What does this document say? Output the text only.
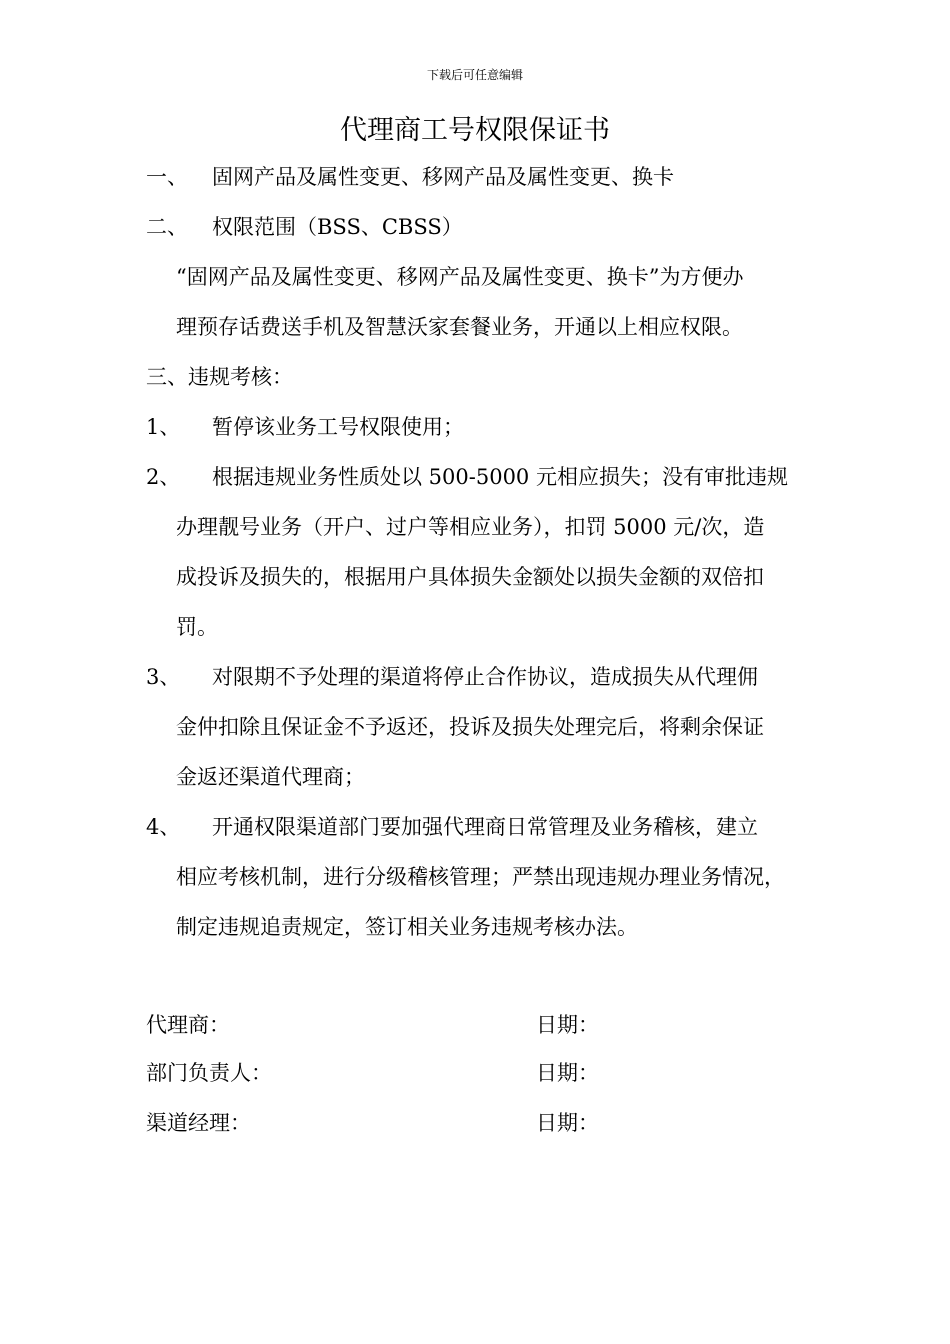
下载后可任意编辑
代理商工号权限保证书
一、 固网产品及属性变更、移网产品及属性变更、换卡
二、 权限范围（BSS、CBSS）
“固网产品及属性变更、移网产品及属性变更、换卡”为方便办
理预存话费送手机及智慧沃家套餐业务，开通以上相应权限。
三、违规考核：
1、 暂停该业务工号权限使用；
2、 根据违规业务性质处以 500-5000 元相应损失；没有审批违规
办理靓号业务（开户、过户等相应业务），扣罚 5000 元/次，造
成投诉及损失的，根据用户具体损失金额处以损失金额的双倍扣
罚。
3、 对限期不予处理的渠道将停止合作协议，造成损失从代理佣
金仲扣除且保证金不予返还，投诉及损失处理完后，将剩余保证
金返还渠道代理商；
4、 开通权限渠道部门要加强代理商日常管理及业务稽核，建立
相应考核机制，进行分级稽核管理；严禁出现违规办理业务情况，
制定违规追责规定，签订相关业务违规考核办法。
代理商：	日期：
部门负责人：	日期：
渠道经理：	日期：
